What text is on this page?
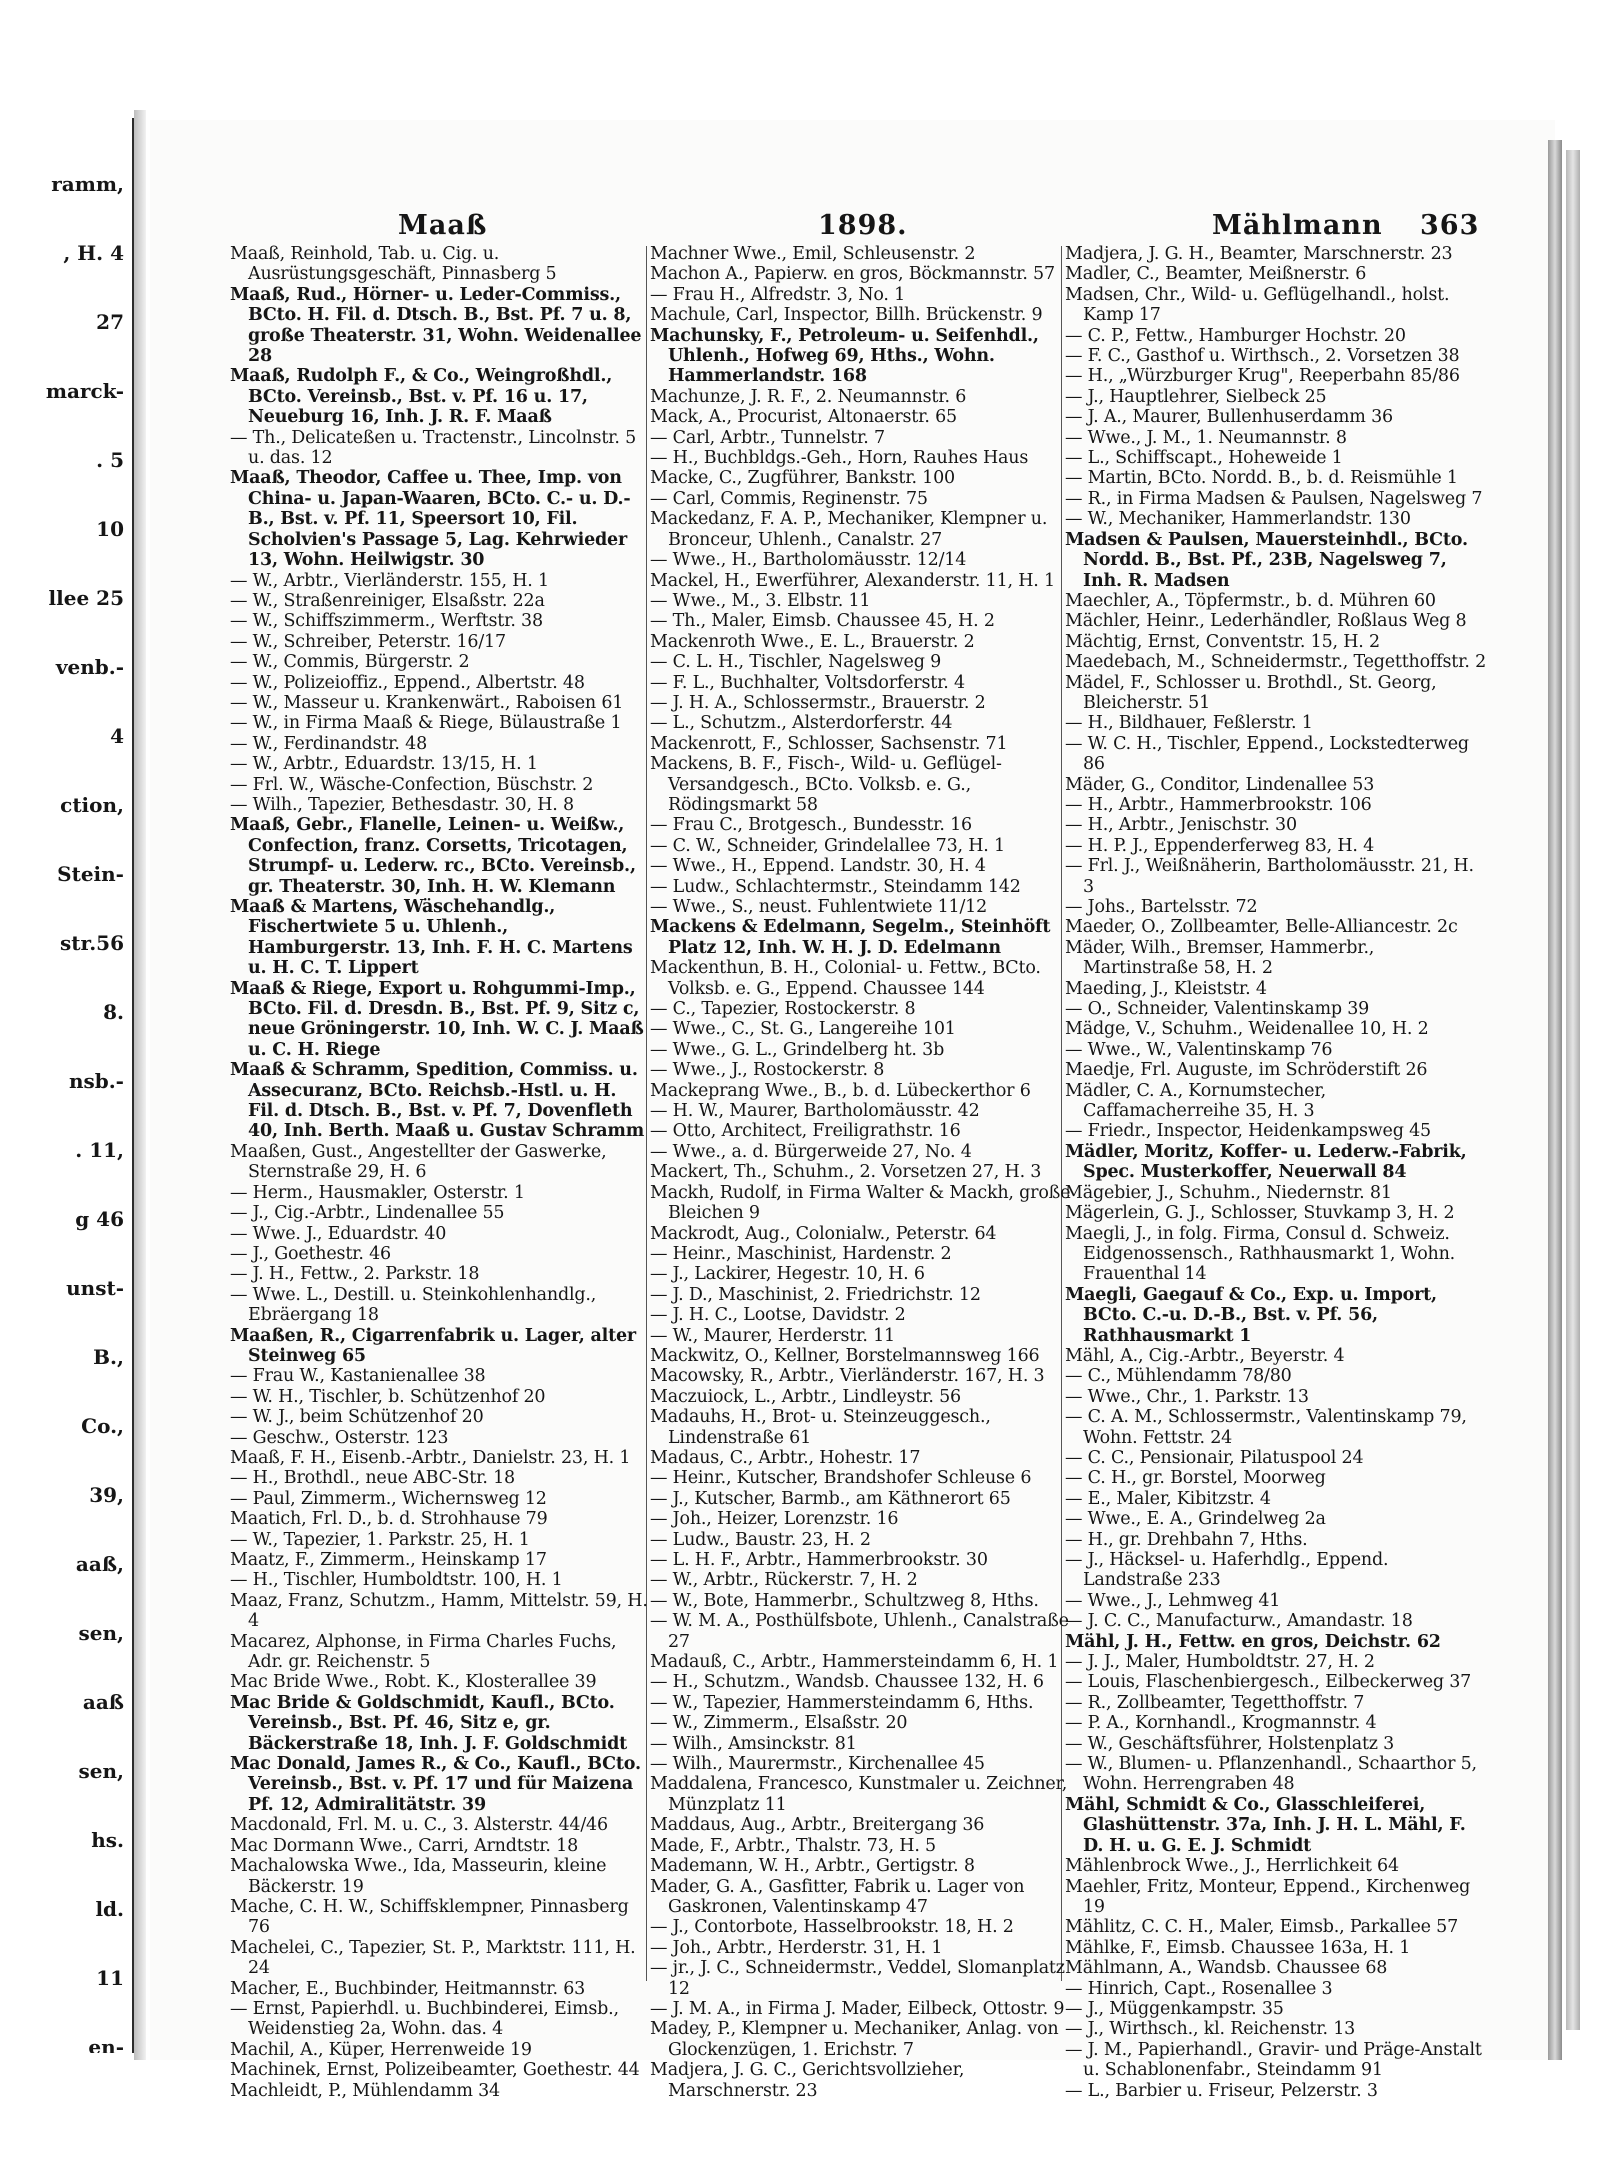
ramm,
, H. 4
27
marck-
. 5
10
llee 25
venb.-
4
ction,
Stein-
str.56
8.
nsb.-
. 11,
g 46
unst-
B.,
Co.,
39,
aaß,
sen,
aaß
sen,
hs.
ld.
11
en-
Maaß	1898.	Mählmann 363

Maaß, Reinhold, Tab. u. Cig. u. Ausrüstungsgeschäft, Pinnasberg 5

Maaß, Rud., Hörner- u. Leder-Commiss., BCto. H. Fil. d. Dtsch. B., Bst. Pf. 7 u. 8, große Theaterstr. 31, Wohn. Weidenallee 28

Maaß, Rudolph F., & Co., Weingroßhdl., BCto. Vereinsb., Bst. v. Pf. 16 u. 17, Neueburg 16, Inh. J. R. F. Maaß

— Th., Delicateßen u. Tractenstr., Lincolnstr. 5 u. das. 12

Maaß, Theodor, Caffee u. Thee, Imp. von China- u. Japan-Waaren, BCto. C.- u. D.-B., Bst. v. Pf. 11, Speersort 10, Fil. Scholvien's Passage 5, Lag. Kehrwieder 13, Wohn. Heilwigstr. 30

— W., Arbtr., Vierländerstr. 155, H. 1

— W., Straßenreiniger, Elsaßstr. 22a

— W., Schiffszimmerm., Werftstr. 38

— W., Schreiber, Peterstr. 16/17

— W., Commis, Bürgerstr. 2

— W., Polizeioffiz., Eppend., Albertstr. 48

— W., Masseur u. Krankenwärt., Raboisen 61

— W., in Firma Maaß & Riege, Bülaustraße 1

— W., Ferdinandstr. 48

— W., Arbtr., Eduardstr. 13/15, H. 1

— Frl. W., Wäsche-Confection, Büschstr. 2

— Wilh., Tapezier, Bethesdastr. 30, H. 8

Maaß, Gebr., Flanelle, Leinen- u. Weißw., Confection, franz. Corsetts, Tricotagen, Strumpf- u. Lederw. rc., BCto. Vereinsb., gr. Theaterstr. 30, Inh. H. W. Klemann

Maaß & Martens, Wäschehandlg., Fischertwiete 5 u. Uhlenh., Hamburgerstr. 13, Inh. F. H. C. Martens u. H. C. T. Lippert

Maaß & Riege, Export u. Rohgummi-Imp., BCto. Fil. d. Dresdn. B., Bst. Pf. 9, Sitz c, neue Gröningerstr. 10, Inh. W. C. J. Maaß u. C. H. Riege

Maaß & Schramm, Spedition, Commiss. u. Assecuranz, BCto. Reichsb.-Hstl. u. H. Fil. d. Dtsch. B., Bst. v. Pf. 7, Dovenfleth 40, Inh. Berth. Maaß u. Gustav Schramm

Maaßen, Gust., Angestellter der Gaswerke, Sternstraße 29, H. 6

— Herm., Hausmakler, Osterstr. 1

— J., Cig.-Arbtr., Lindenallee 55

— Wwe. J., Eduardstr. 40

— J., Goethestr. 46

— J. H., Fettw., 2. Parkstr. 18

— Wwe. L., Destill. u. Steinkohlenhandlg., Ebräergang 18

Maaßen, R., Cigarrenfabrik u. Lager, alter Steinweg 65

— Frau W., Kastanienallee 38

— W. H., Tischler, b. Schützenhof 20

— W. J., beim Schützenhof 20

— Geschw., Osterstr. 123

Maaß, F. H., Eisenb.-Arbtr., Danielstr. 23, H. 1

— H., Brothdl., neue ABC-Str. 18

— Paul, Zimmerm., Wichernsweg 12

Maatich, Frl. D., b. d. Strohhause 79

— W., Tapezier, 1. Parkstr. 25, H. 1

Maatz, F., Zimmerm., Heinskamp 17

— H., Tischler, Humboldtstr. 100, H. 1

Maaz, Franz, Schutzm., Hamm, Mittelstr. 59, H. 4

Macarez, Alphonse, in Firma Charles Fuchs, Adr. gr. Reichenstr. 5

Mac Bride Wwe., Robt. K., Klosterallee 39

Mac Bride & Goldschmidt, Kaufl., BCto. Vereinsb., Bst. Pf. 46, Sitz e, gr. Bäckerstraße 18, Inh. J. F. Goldschmidt

Mac Donald, James R., & Co., Kaufl., BCto. Vereinsb., Bst. v. Pf. 17 und für Maizena Pf. 12, Admiralitätstr. 39

Macdonald, Frl. M. u. C., 3. Alsterstr. 44/46

Mac Dormann Wwe., Carri, Arndtstr. 18

Machalowska Wwe., Ida, Masseurin, kleine Bäckerstr. 19

Mache, C. H. W., Schiffsklempner, Pinnasberg 76

Machelei, C., Tapezier, St. P., Marktstr. 111, H. 24

Macher, E., Buchbinder, Heitmannstr. 63

— Ernst, Papierhdl. u. Buchbinderei, Eimsb., Weidenstieg 2a, Wohn. das. 4

Machil, A., Küper, Herrenweide 19

Machinek, Ernst, Polizeibeamter, Goethestr. 44

Machleidt, P., Mühlendamm 34

Machner Wwe., Emil, Schleusenstr. 2

Machon A., Papierw. en gros, Böckmannstr. 57

— Frau H., Alfredstr. 3, No. 1

Machule, Carl, Inspector, Billh. Brückenstr. 9

Machunsky, F., Petroleum- u. Seifenhdl., Uhlenh., Hofweg 69, Hths., Wohn. Hammerlandstr. 168

Machunze, J. R. F., 2. Neumannstr. 6

Mack, A., Procurist, Altonaerstr. 65

— Carl, Arbtr., Tunnelstr. 7

— H., Buchbldgs.-Geh., Horn, Rauhes Haus

Macke, C., Zugführer, Bankstr. 100

— Carl, Commis, Reginenstr. 75

Mackedanz, F. A. P., Mechaniker, Klempner u. Bronceur, Uhlenh., Canalstr. 27

— Wwe., H., Bartholomäusstr. 12/14

Mackel, H., Ewerführer, Alexanderstr. 11, H. 1

— Wwe., M., 3. Elbstr. 11

— Th., Maler, Eimsb. Chaussee 45, H. 2

Mackenroth Wwe., E. L., Brauerstr. 2

— C. L. H., Tischler, Nagelsweg 9

— F. L., Buchhalter, Voltsdorferstr. 4

— J. H. A., Schlossermstr., Brauerstr. 2

— L., Schutzm., Alsterdorferstr. 44

Mackenrott, F., Schlosser, Sachsenstr. 71

Mackens, B. F., Fisch-, Wild- u. Geflügel-Versandgesch., BCto. Volksb. e. G., Rödingsmarkt 58

— Frau C., Brotgesch., Bundesstr. 16

— C. W., Schneider, Grindelallee 73, H. 1

— Wwe., H., Eppend. Landstr. 30, H. 4

— Ludw., Schlachtermstr., Steindamm 142

— Wwe., S., neust. Fuhlentwiete 11/12

Mackens & Edelmann, Segelm., Steinhöft Platz 12, Inh. W. H. J. D. Edelmann

Mackenthun, B. H., Colonial- u. Fettw., BCto. Volksb. e. G., Eppend. Chaussee 144

— C., Tapezier, Rostockerstr. 8

— Wwe., C., St. G., Langereihe 101

— Wwe., G. L., Grindelberg ht. 3b

— Wwe., J., Rostockerstr. 8

Mackeprang Wwe., B., b. d. Lübeckerthor 6

— H. W., Maurer, Bartholomäusstr. 42

— Otto, Architect, Freiligrathstr. 16

— Wwe., a. d. Bürgerweide 27, No. 4

Mackert, Th., Schuhm., 2. Vorsetzen 27, H. 3

Mackh, Rudolf, in Firma Walter & Mackh, große Bleichen 9

Mackrodt, Aug., Colonialw., Peterstr. 64

— Heinr., Maschinist, Hardenstr. 2

— J., Lackirer, Hegestr. 10, H. 6

— J. D., Maschinist, 2. Friedrichstr. 12

— J. H. C., Lootse, Davidstr. 2

— W., Maurer, Herderstr. 11

Mackwitz, O., Kellner, Borstelmannsweg 166

Macowsky, R., Arbtr., Vierländerstr. 167, H. 3

Maczuiock, L., Arbtr., Lindleystr. 56

Madauhs, H., Brot- u. Steinzeuggesch., Lindenstraße 61

Madaus, C., Arbtr., Hohestr. 17

— Heinr., Kutscher, Brandshofer Schleuse 6

— J., Kutscher, Barmb., am Käthnerort 65

— Joh., Heizer, Lorenzstr. 16

— Ludw., Baustr. 23, H. 2

— L. H. F., Arbtr., Hammerbrookstr. 30

— W., Arbtr., Rückerstr. 7, H. 2

— W., Bote, Hammerbr., Schultzweg 8, Hths.

— W. M. A., Posthülfsbote, Uhlenh., Canalstraße 27

Madauß, C., Arbtr., Hammersteindamm 6, H. 1

— H., Schutzm., Wandsb. Chaussee 132, H. 6

— W., Tapezier, Hammersteindamm 6, Hths.

— W., Zimmerm., Elsaßstr. 20

— Wilh., Amsinckstr. 81

— Wilh., Maurermstr., Kirchenallee 45

Maddalena, Francesco, Kunstmaler u. Zeichner, Münzplatz 11

Maddaus, Aug., Arbtr., Breitergang 36

Made, F., Arbtr., Thalstr. 73, H. 5

Mademann, W. H., Arbtr., Gertigstr. 8

Mader, G. A., Gasfitter, Fabrik u. Lager von Gaskronen, Valentinskamp 47

— J., Contorbote, Hasselbrookstr. 18, H. 2

— Joh., Arbtr., Herderstr. 31, H. 1

— jr., J. C., Schneidermstr., Veddel, Slomanplatz 12

— J. M. A., in Firma J. Mader, Eilbeck, Ottostr. 9

Madey, P., Klempner u. Mechaniker, Anlag. von Glockenzügen, 1. Erichstr. 7

Madjera, J. G. C., Gerichtsvollzieher, Marschnerstr. 23

Madjera, J. G. H., Beamter, Marschnerstr. 23

Madler, C., Beamter, Meißnerstr. 6

Madsen, Chr., Wild- u. Geflügelhandl., holst. Kamp 17

— C. P., Fettw., Hamburger Hochstr. 20

— F. C., Gasthof u. Wirthsch., 2. Vorsetzen 38

— H., „Würzburger Krug", Reeperbahn 85/86

— J., Hauptlehrer, Sielbeck 25

— J. A., Maurer, Bullenhuserdamm 36

— Wwe., J. M., 1. Neumannstr. 8

— L., Schiffscapt., Hoheweide 1

— Martin, BCto. Nordd. B., b. d. Reismühle 1

— R., in Firma Madsen & Paulsen, Nagelsweg 7

— W., Mechaniker, Hammerlandstr. 130

Madsen & Paulsen, Mauersteinhdl., BCto. Nordd. B., Bst. Pf., 23B, Nagelsweg 7, Inh. R. Madsen

Maechler, A., Töpfermstr., b. d. Mühren 60

Mächler, Heinr., Lederhändler, Roßlaus Weg 8

Mächtig, Ernst, Conventstr. 15, H. 2

Maedebach, M., Schneidermstr., Tegetthoffstr. 2

Mädel, F., Schlosser u. Brothdl., St. Georg, Bleicherstr. 51

— H., Bildhauer, Feßlerstr. 1

— W. C. H., Tischler, Eppend., Lockstedterweg 86

Mäder, G., Conditor, Lindenallee 53

— H., Arbtr., Hammerbrookstr. 106

— H., Arbtr., Jenischstr. 30

— H. P. J., Eppenderferweg 83, H. 4

— Frl. J., Weißnäherin, Bartholomäusstr. 21, H. 3

— Johs., Bartelsstr. 72

Maeder, O., Zollbeamter, Belle-Alliancestr. 2c

Mäder, Wilh., Bremser, Hammerbr., Martinstraße 58, H. 2

Maeding, J., Kleiststr. 4

— O., Schneider, Valentinskamp 39

Mädge, V., Schuhm., Weidenallee 10, H. 2

— Wwe., W., Valentinskamp 76

Maedje, Frl. Auguste, im Schröderstift 26

Mädler, C. A., Kornumstecher, Caffamacherreihe 35, H. 3

— Friedr., Inspector, Heidenkampsweg 45

Mädler, Moritz, Koffer- u. Lederw.-Fabrik, Spec. Musterkoffer, Neuerwall 84

Mägebier, J., Schuhm., Niedernstr. 81

Mägerlein, G. J., Schlosser, Stuvkamp 3, H. 2

Maegli, J., in folg. Firma, Consul d. Schweiz. Eidgenossensch., Rathhausmarkt 1, Wohn. Frauenthal 14

Maegli, Gaegauf & Co., Exp. u. Import, BCto. C.-u. D.-B., Bst. v. Pf. 56, Rathhausmarkt 1

Mähl, A., Cig.-Arbtr., Beyerstr. 4

— C., Mühlendamm 78/80

— Wwe., Chr., 1. Parkstr. 13

— C. A. M., Schlossermstr., Valentinskamp 79, Wohn. Fettstr. 24

— C. C., Pensionair, Pilatuspool 24

— C. H., gr. Borstel, Moorweg

— E., Maler, Kibitzstr. 4

— Wwe., E. A., Grindelweg 2a

— H., gr. Drehbahn 7, Hths.

— J., Häcksel- u. Haferhdlg., Eppend. Landstraße 233

— Wwe., J., Lehmweg 41

— J. C. C., Manufacturw., Amandastr. 18

Mähl, J. H., Fettw. en gros, Deichstr. 62

— J. J., Maler, Humboldtstr. 27, H. 2

— Louis, Flaschenbiergesch., Eilbeckerweg 37

— R., Zollbeamter, Tegetthoffstr. 7

— P. A., Kornhandl., Krogmannstr. 4

— W., Geschäftsführer, Holstenplatz 3

— W., Blumen- u. Pflanzenhandl., Schaarthor 5, Wohn. Herrengraben 48

Mähl, Schmidt & Co., Glasschleiferei, Glashüttenstr. 37a, Inh. J. H. L. Mähl, F. D. H. u. G. E. J. Schmidt

Mählenbrock Wwe., J., Herrlichkeit 64

Maehler, Fritz, Monteur, Eppend., Kirchenweg 19

Mählitz, C. C. H., Maler, Eimsb., Parkallee 57

Mählke, F., Eimsb. Chaussee 163a, H. 1

Mählmann, A., Wandsb. Chaussee 68

— Hinrich, Capt., Rosenallee 3

— J., Müggenkampstr. 35

— J., Wirthsch., kl. Reichenstr. 13

— J. M., Papierhandl., Gravir- und Präge-Anstalt u. Schablonenfabr., Steindamm 91

— L., Barbier u. Friseur, Pelzerstr. 3
